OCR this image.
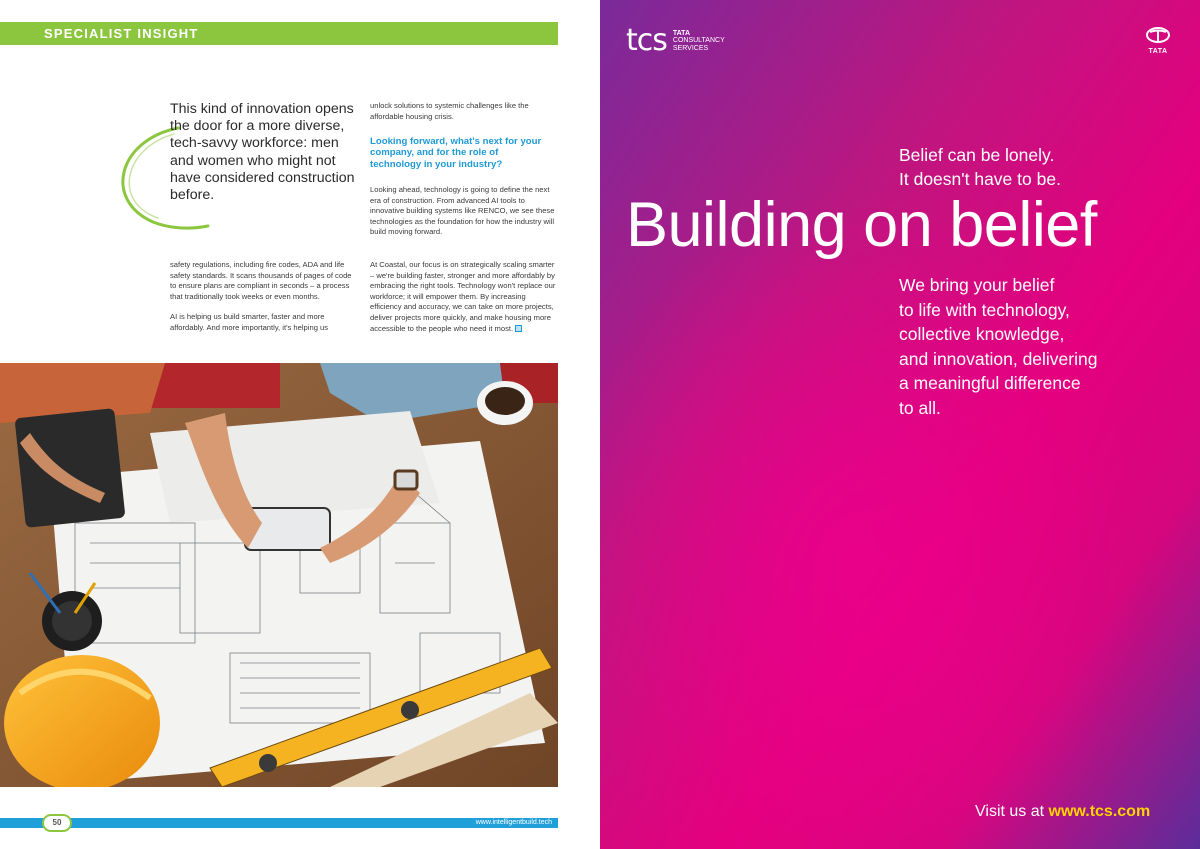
SPECIALIST INSIGHT
This kind of innovation opens the door for a more diverse, tech-savvy workforce: men and women who might not have considered construction before.
unlock solutions to systemic challenges like the affordable housing crisis.
Looking forward, what's next for your company, and for the role of technology in your industry?
Looking ahead, technology is going to define the next era of construction. From advanced AI tools to innovative building systems like RENCO, we see these technologies as the foundation for how the industry will build moving forward.

safety regulations, including fire codes, ADA and life safety standards. It scans thousands of pages of code to ensure plans are compliant in seconds – a process that traditionally took weeks or even months.

AI is helping us build smarter, faster and more affordably. And more importantly, it's helping us

At Coastal, our focus is on strategically scaling smarter – we're building faster, stronger and more affordably by embracing the right tools. Technology won't replace our workforce; it will empower them. By increasing efficiency and accuracy, we can take on more projects, deliver projects more quickly, and make housing more accessible to the people who need it most.
50	www.intelligentbuild.tech
tcs TATA
CONSULTANCY
SERVICES	TATA
Belief can be lonely.
It doesn't have to be.
Building on belief
We bring your belief
to life with technology,
collective knowledge,
and innovation, delivering
a meaningful difference
to all.
Visit us at www.tcs.com
